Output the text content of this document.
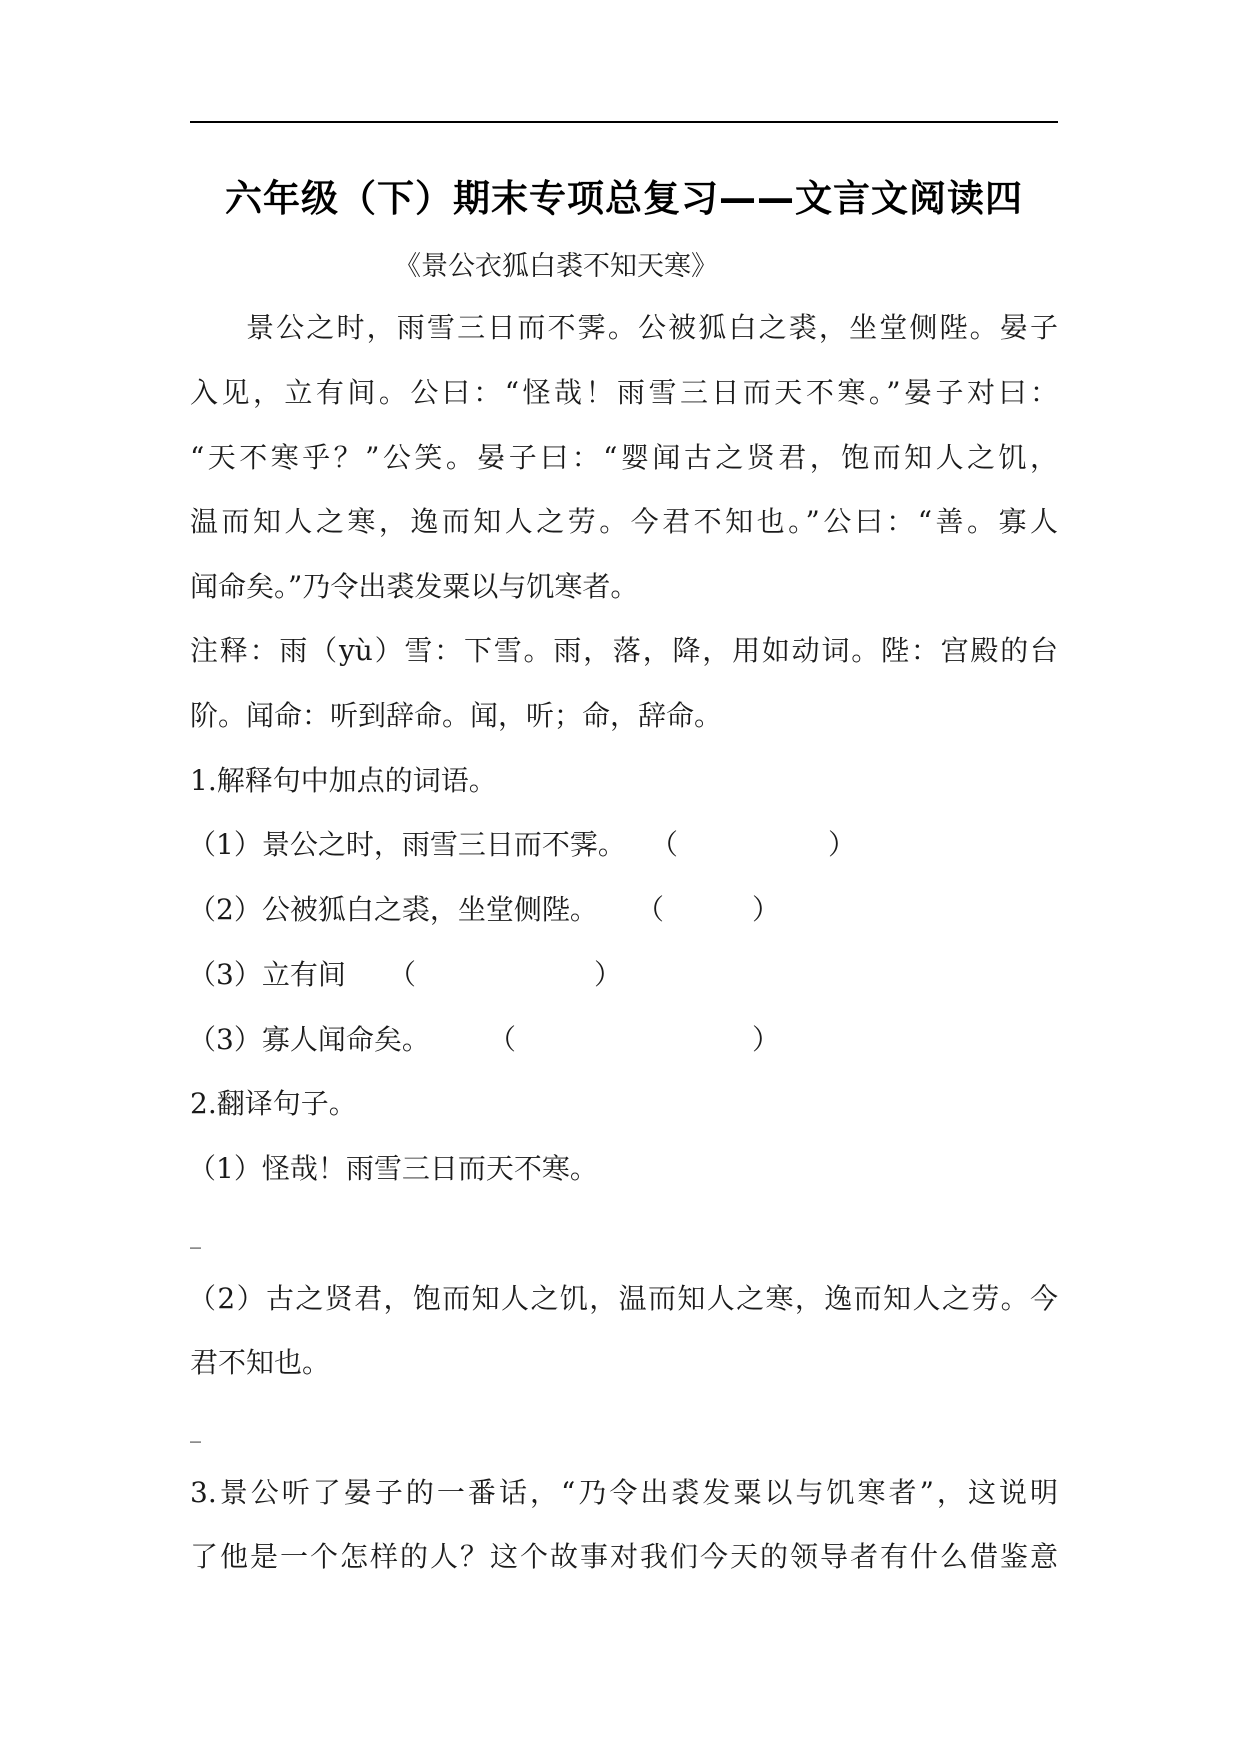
六年级（下）期末专项总复习——文言文阅读四
《景公衣狐白裘不知天寒》
景公之时，雨雪三日而不霁。公被狐白之裘，坐堂侧陛。晏子
入见，立有间。公曰：“怪哉！雨雪三日而天不寒。”晏子对曰：
“天不寒乎？”公笑。晏子曰：“婴闻古之贤君，饱而知人之饥，
温而知人之寒，逸而知人之劳。今君不知也。”公曰：“善。寡人
闻命矣。”乃令出裘发粟以与饥寒者。
注释：雨（yù）雪：下雪。雨，落，降，用如动词。陛：宫殿的台
阶。闻命：听到辞命。闻，听；命，辞命。
1.解释句中加点的词语。
（1）景公之时，雨雪三日而不霁。 （	）
（2）公被狐白之裘，坐堂侧陛。 （	）
（3）立有间 （	）
（3）寡人闻命矣。 （	）
2.翻译句子。
（1）怪哉！雨雪三日而天不寒。
_
（2）古之贤君，饱而知人之饥，温而知人之寒，逸而知人之劳。今
君不知也。
_
3.景公听了晏子的一番话，“乃令出裘发粟以与饥寒者”，这说明
了他是一个怎样的人？这个故事对我们今天的领导者有什么借鉴意
